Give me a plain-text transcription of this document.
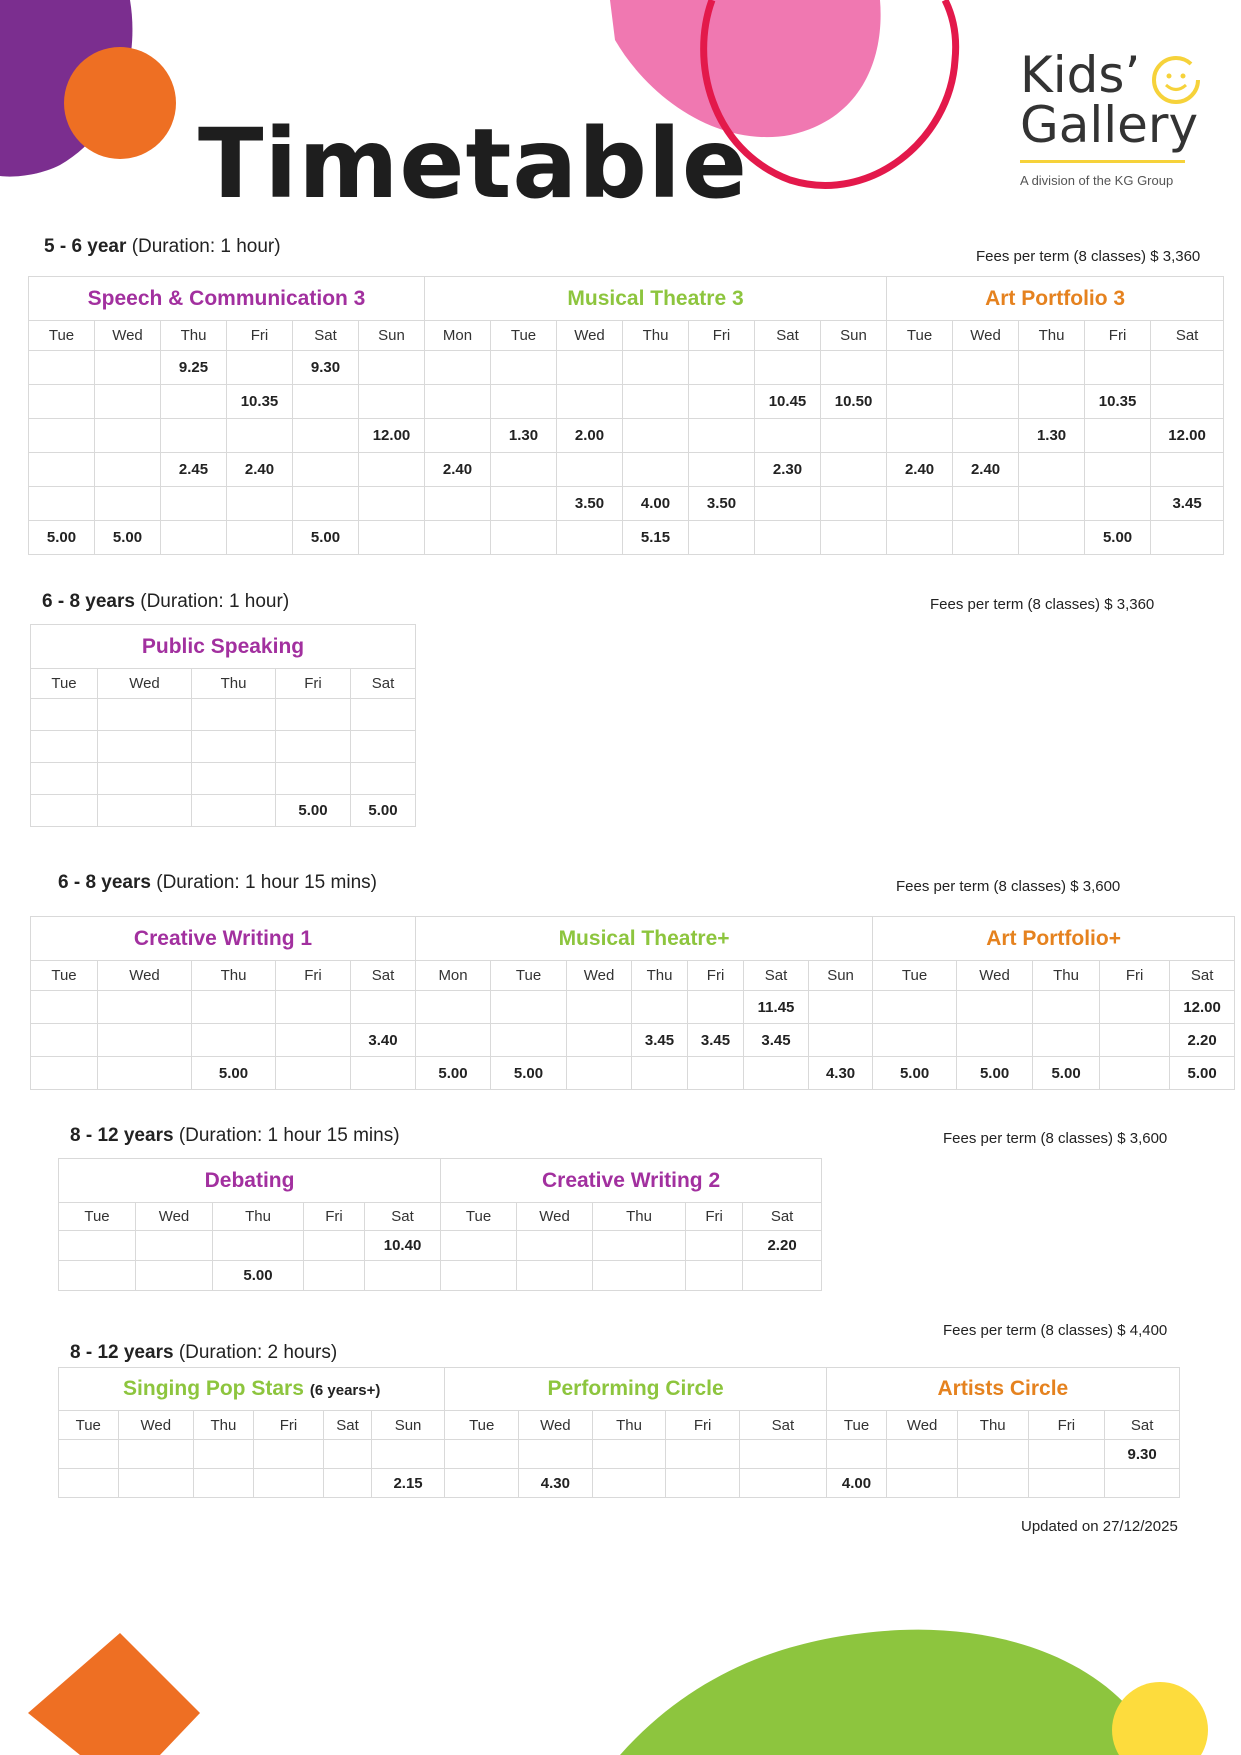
Timetable
Kids’
Gallery
A division of the KG Group
5 - 6 year (Duration: 1 hour)	Fees per term (8 classes) $ 3,360
Speech & Communication 3						Musical Theatre 3							Art Portfolio 3				
Tue	Wed	Thu	Fri	Sat	Sun	Mon	Tue	Wed	Thu	Fri	Sat	Sun	Tue	Wed	Thu	Fri	Sat
		9.25		9.30													
			10.35								10.45	10.50				10.35	
					12.00		1.30	2.00							1.30		12.00
		2.45	2.40			2.40					2.30		2.40	2.40			
								3.50	4.00	3.50							3.45
5.00	5.00			5.00					5.15							5.00	
6 - 8 years (Duration: 1 hour)	Fees per term (8 classes) $ 3,360
Public Speaking				
Tue	Wed	Thu	Fri	Sat

			5.00	5.00
6 - 8 years (Duration: 1 hour 15 mins)	Fees per term (8 classes) $ 3,600
Creative Writing 1					Musical Theatre+							Art Portfolio+				
Tue	Wed	Thu	Fri	Sat	Mon	Tue	Wed	Thu	Fri	Sat	Sun	Tue	Wed	Thu	Fri	Sat
										11.45						12.00
				3.40				3.45	3.45	3.45						2.20
		5.00			5.00	5.00					4.30	5.00	5.00	5.00		5.00
8 - 12 years (Duration: 1 hour 15 mins)	Fees per term (8 classes) $ 3,600
Debating					Creative Writing 2				
Tue	Wed	Thu	Fri	Sat	Tue	Wed	Thu	Fri	Sat
				10.40					2.20
		5.00							
Fees per term (8 classes) $ 4,400
8 - 12 years (Duration: 2 hours)
Singing Pop Stars (6 years+)						Performing Circle					Artists Circle				
Tue	Wed	Thu	Fri	Sat	Sun	Tue	Wed	Thu	Fri	Sat	Tue	Wed	Thu	Fri	Sat
															9.30
					2.15		4.30				4.00				
Updated on 27/12/2025
